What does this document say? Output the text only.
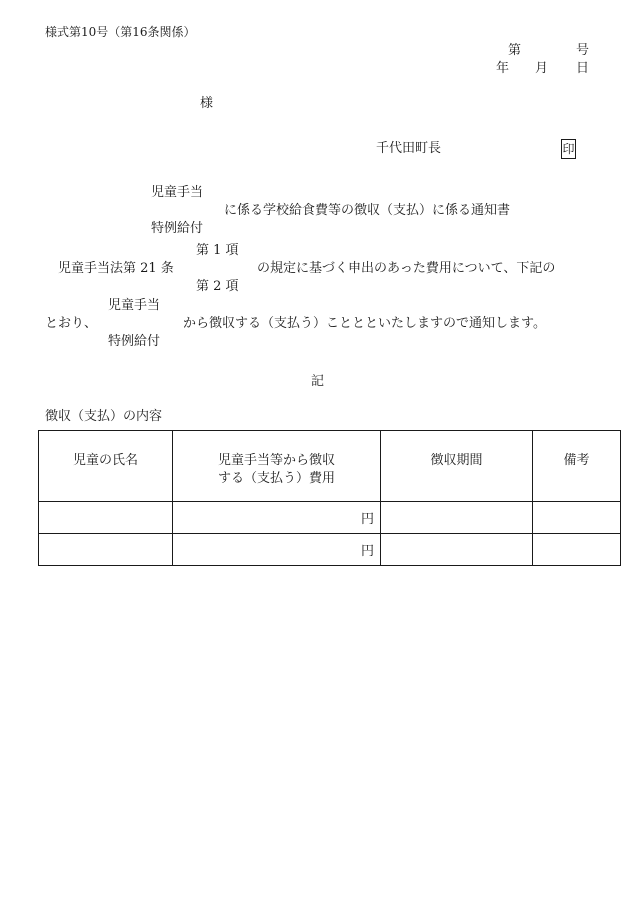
様式第10号（第16条関係）
第	号
年 月 日
様
千代田町長	印
児童手当
に係る学校給食費等の徴収（支払）に係る通知書
特例給付
第 1 項
児童手当法第 21 条	の規定に基づく申出のあった費用について、下記の
第 2 項
児童手当
とおり、	から徴収する（支払う）こととといたしますので通知します。
特例給付
記
徴収（支払）の内容
児童の氏名	児童手当等から徴収
する（支払う）費用	徴収期間	備考

	円		
	円		
